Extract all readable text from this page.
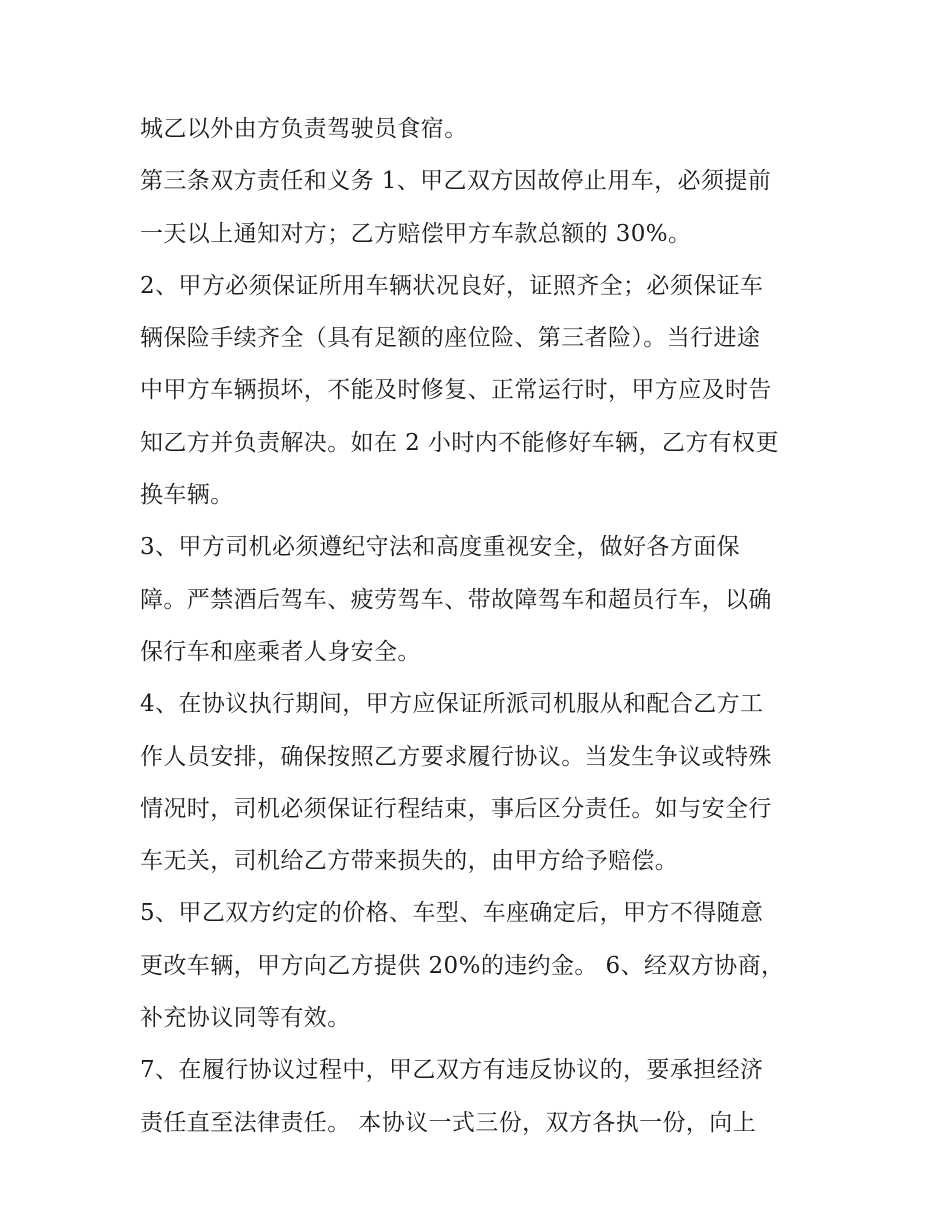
城乙以外由方负责驾驶员食宿。
第三条双方责任和义务 1、甲乙双方因故停止用车，必须提前
一天以上通知对方；乙方赔偿甲方车款总额的 30%。
2、甲方必须保证所用车辆状况良好，证照齐全；必须保证车
辆保险手续齐全（具有足额的座位险、第三者险）。当行进途
中甲方车辆损坏，不能及时修复、正常运行时，甲方应及时告
知乙方并负责解决。如在 2 小时内不能修好车辆，乙方有权更
换车辆。
3、甲方司机必须遵纪守法和高度重视安全，做好各方面保
障。严禁酒后驾车、疲劳驾车、带故障驾车和超员行车，以确
保行车和座乘者人身安全。
4、在协议执行期间，甲方应保证所派司机服从和配合乙方工
作人员安排，确保按照乙方要求履行协议。当发生争议或特殊
情况时，司机必须保证行程结束，事后区分责任。如与安全行
车无关，司机给乙方带来损失的，由甲方给予赔偿。
5、甲乙双方约定的价格、车型、车座确定后，甲方不得随意
更改车辆，甲方向乙方提供 20%的违约金。 6、经双方协商，
补充协议同等有效。
7、在履行协议过程中，甲乙双方有违反协议的，要承担经济
责任直至法律责任。 本协议一式三份，双方各执一份，向上
